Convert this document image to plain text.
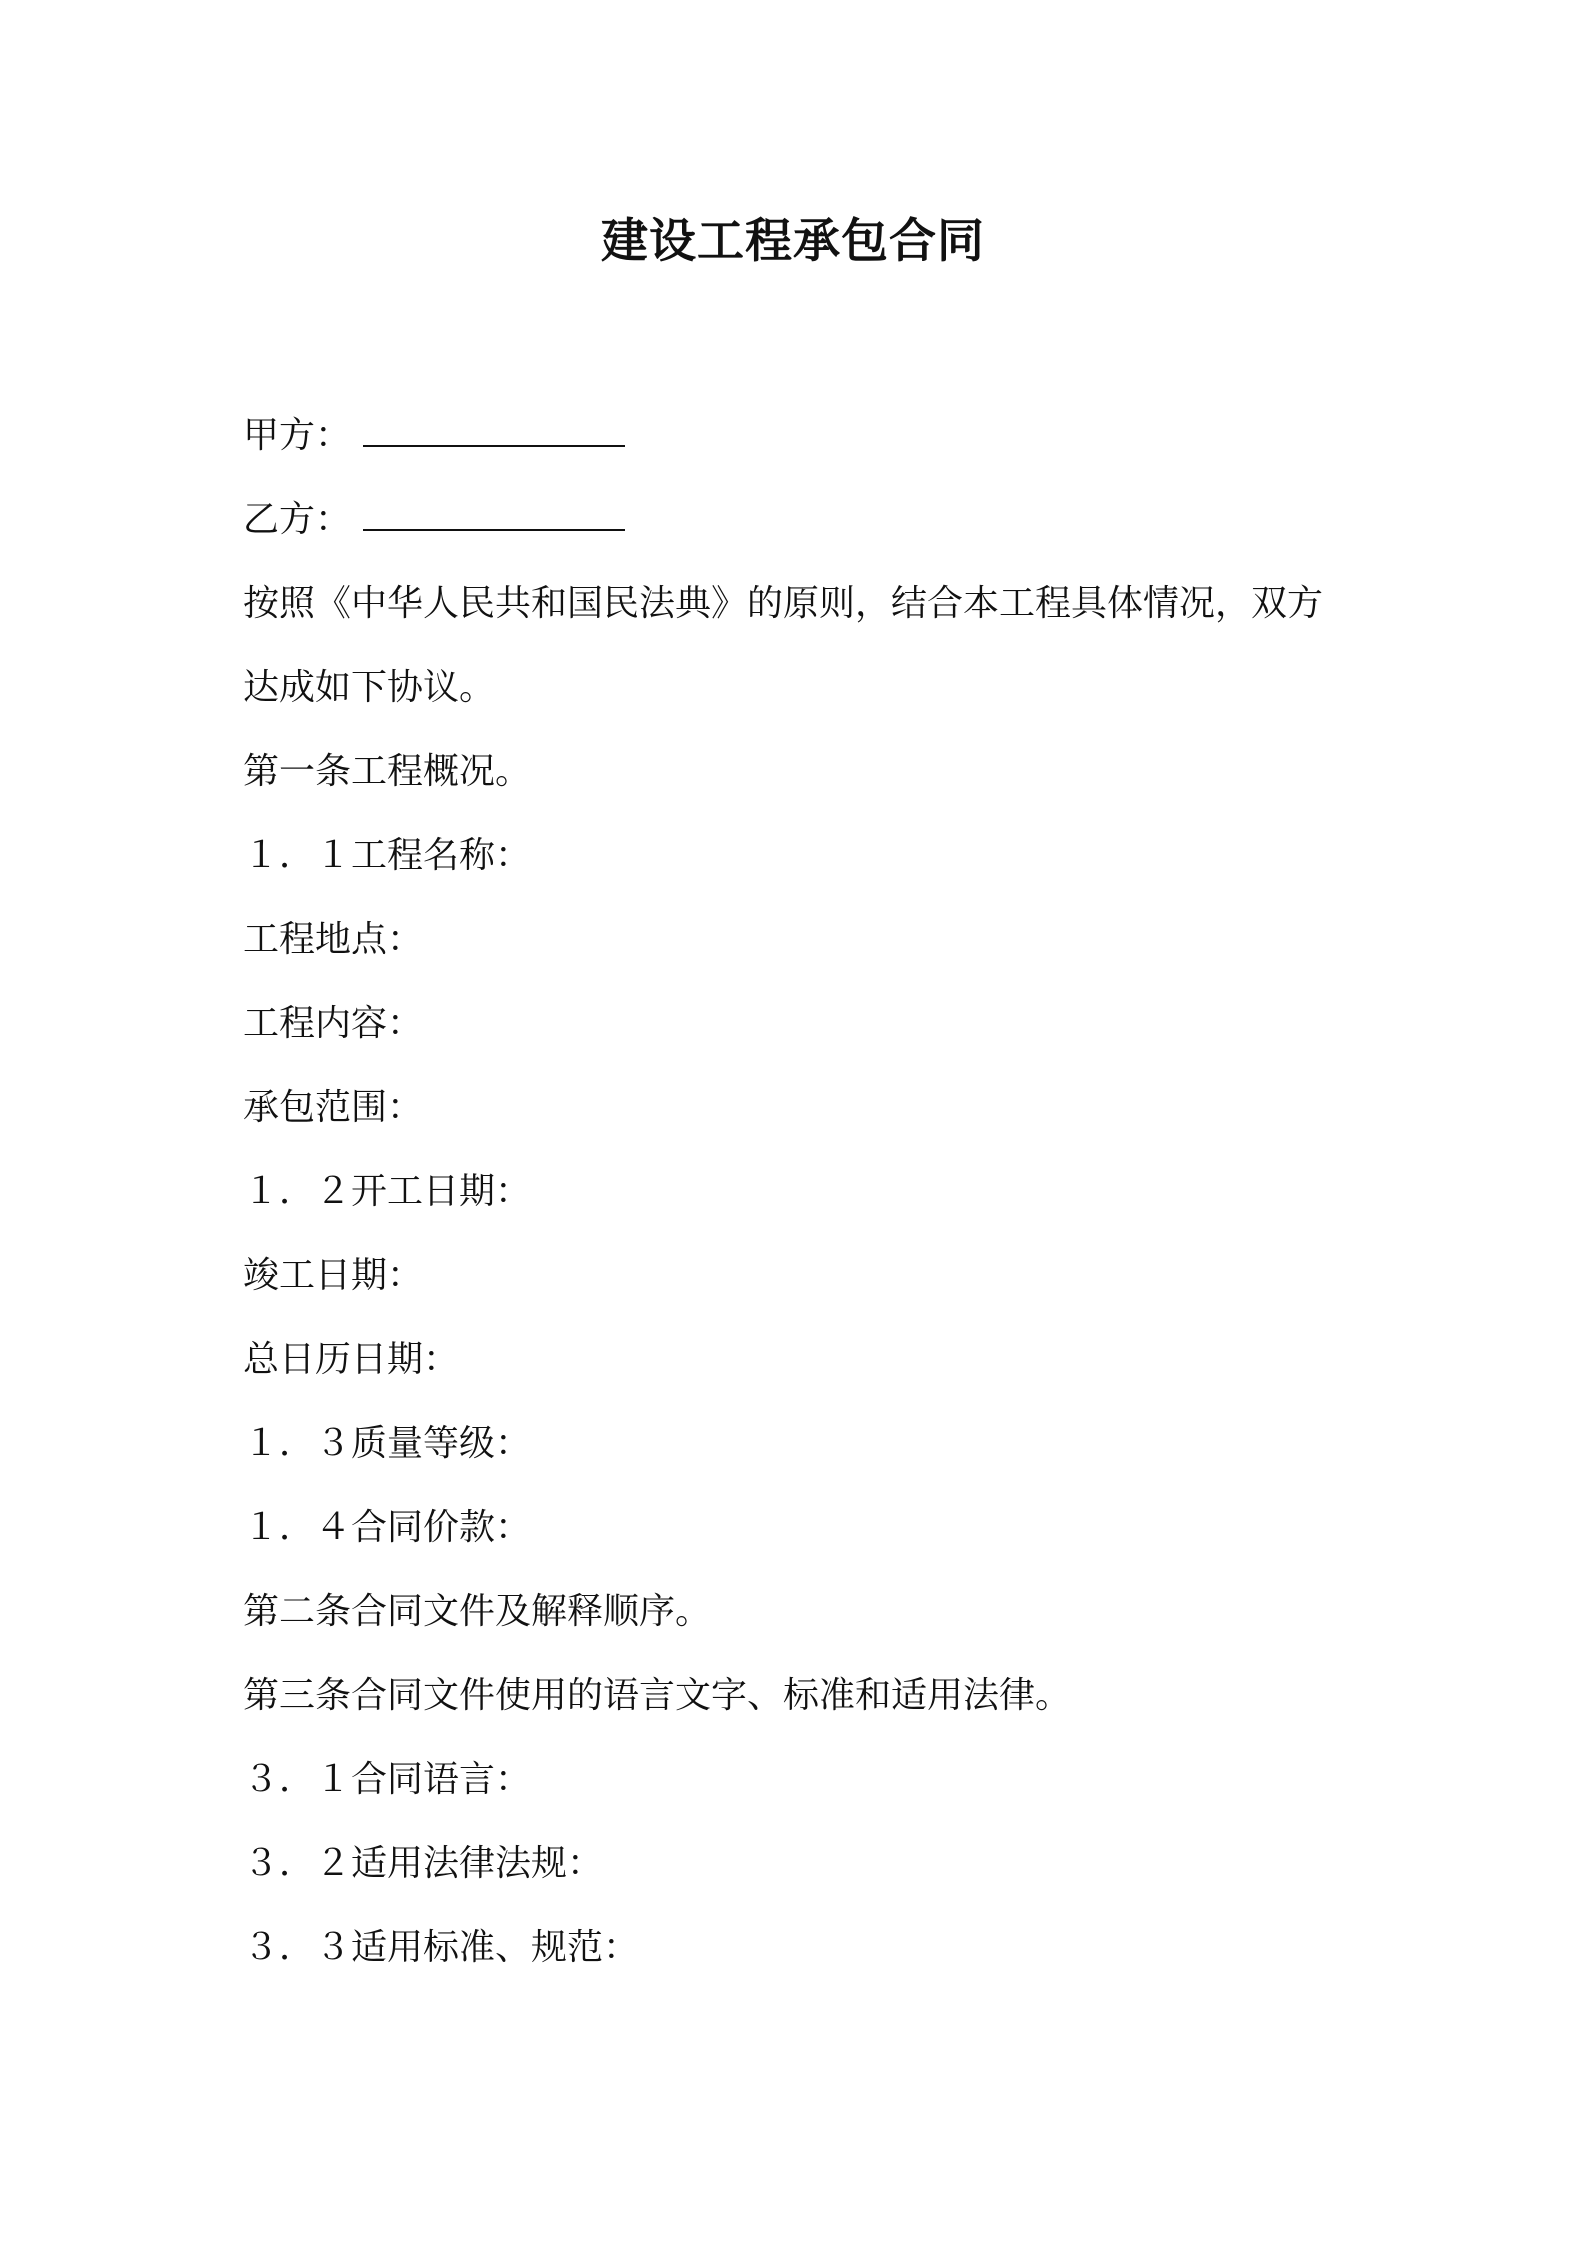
建设工程承包合同
甲方：
乙方：
按照《中华人民共和国民法典》的原则，结合本工程具体情况，双方
达成如下协议。
第一条工程概况。
１．１工程名称：
工程地点：
工程内容：
承包范围：
１．２开工日期：
竣工日期：
总日历日期：
１．３质量等级：
１．４合同价款：
第二条合同文件及解释顺序。
第三条合同文件使用的语言文字、标准和适用法律。
３．１合同语言：
３．２适用法律法规：
３．３适用标准、规范：
